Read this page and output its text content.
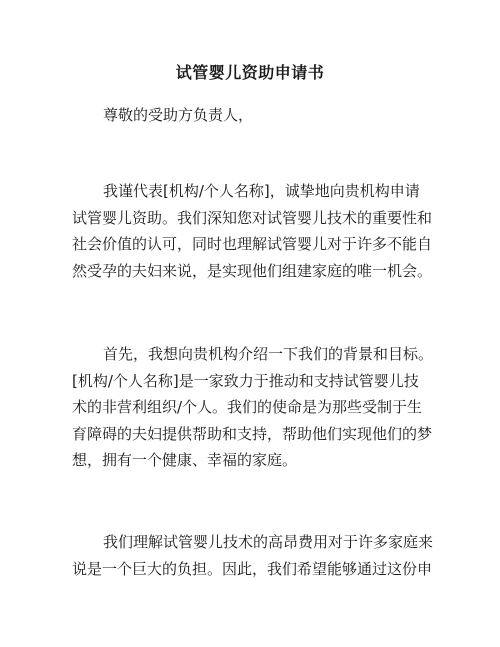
试管婴儿资助申请书
尊敬的受助方负责人，
我谨代表[机构/个人名称]，诚挚地向贵机构申请
试管婴儿资助。我们深知您对试管婴儿技术的重要性和
社会价值的认可，同时也理解试管婴儿对于许多不能自
然受孕的夫妇来说，是实现他们组建家庭的唯一机会。
首先，我想向贵机构介绍一下我们的背景和目标。
[机构/个人名称]是一家致力于推动和支持试管婴儿技
术的非营利组织/个人。我们的使命是为那些受制于生
育障碍的夫妇提供帮助和支持，帮助他们实现他们的梦
想，拥有一个健康、幸福的家庭。
我们理解试管婴儿技术的高昂费用对于许多家庭来
说是一个巨大的负担。因此，我们希望能够通过这份申
